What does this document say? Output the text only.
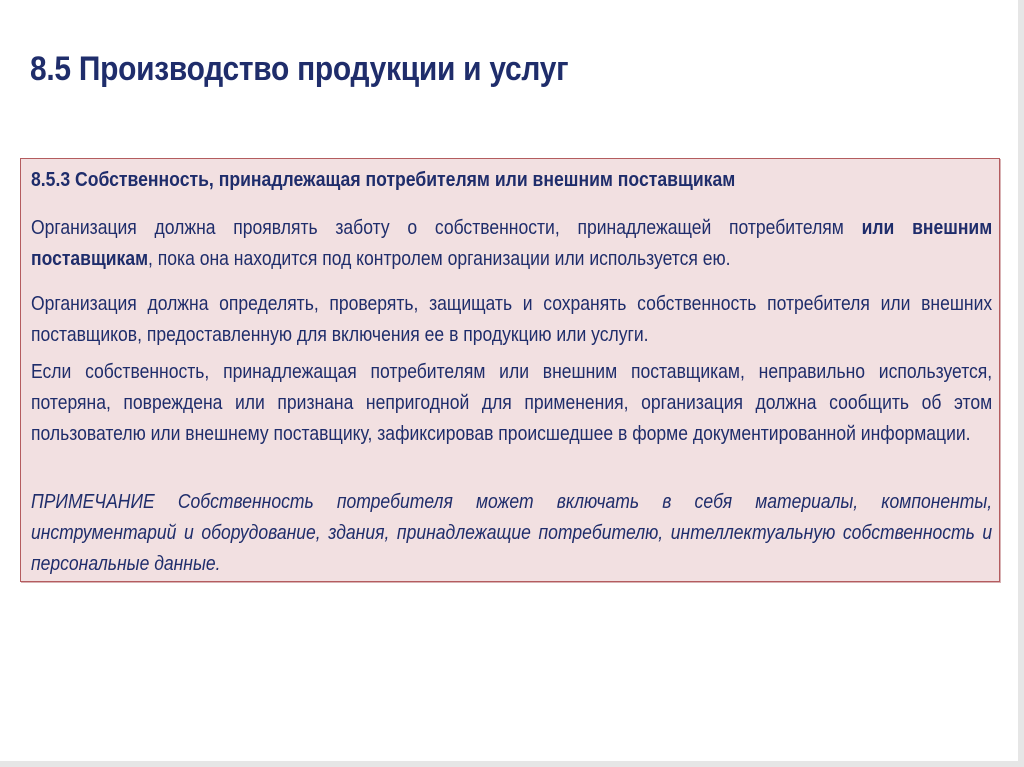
8.5 Производство продукции и услуг
8.5.3 Собственность, принадлежащая потребителям или внешним поставщикам

Организация должна проявлять заботу о собственности, принадлежащей потребителям или внешним поставщикам, пока она находится под контролем организации или используется ею.

Организация должна определять, проверять, защищать и сохранять собственность потребителя или внешних поставщиков, предоставленную для включения ее в продукцию или услуги.

Если собственность, принадлежащая потребителям или внешним поставщикам, неправильно используется, потеряна, повреждена или признана непригодной для применения, организация должна сообщить об этом пользователю или внешнему поставщику, зафиксировав происшедшее в форме документированной информации.

ПРИМЕЧАНИЕ Собственность потребителя может включать в себя материалы, компоненты, инструментарий и оборудование, здания, принадлежащие потребителю, интеллектуальную собственность и персональные данные.
